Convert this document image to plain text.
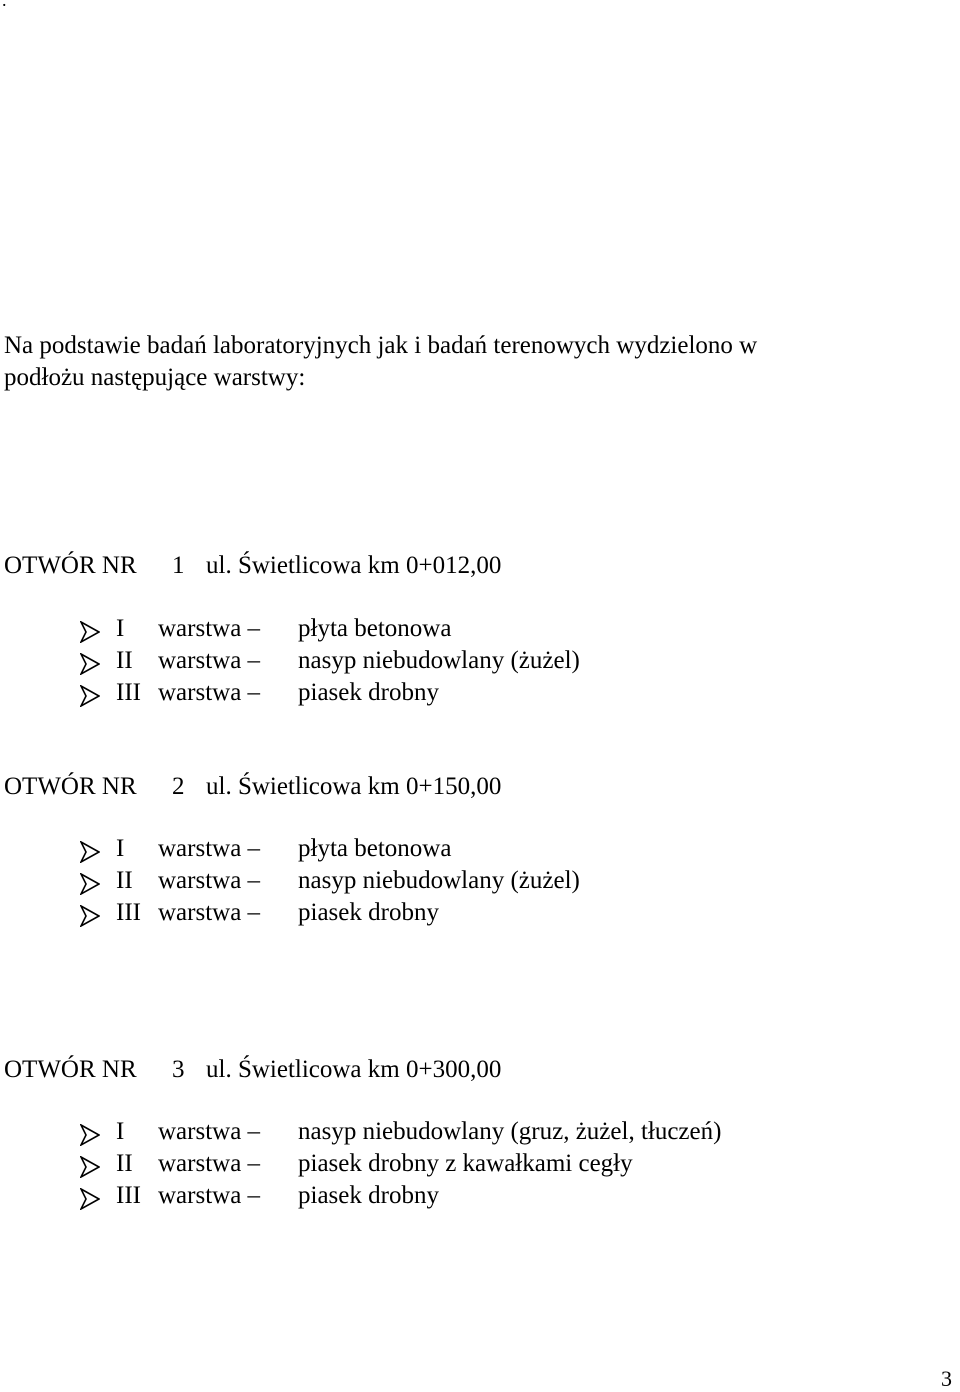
.
Na podstawie badań laboratoryjnych jak i badań terenowych wydzielono w
podłożu następujące warstwy:
OTWÓR NR 1 ul. Świetlicowa km 0+012,00
I warstwa – płyta betonowa
II warstwa – nasyp niebudowlany (żużel)
III warstwa – piasek drobny
OTWÓR NR 2 ul. Świetlicowa km 0+150,00
I warstwa – płyta betonowa
II warstwa – nasyp niebudowlany (żużel)
III warstwa – piasek drobny
OTWÓR NR 3 ul. Świetlicowa km 0+300,00
I warstwa – nasyp niebudowlany (gruz, żużel, tłuczeń)
II warstwa – piasek drobny z kawałkami cegły
III warstwa – piasek drobny
3
